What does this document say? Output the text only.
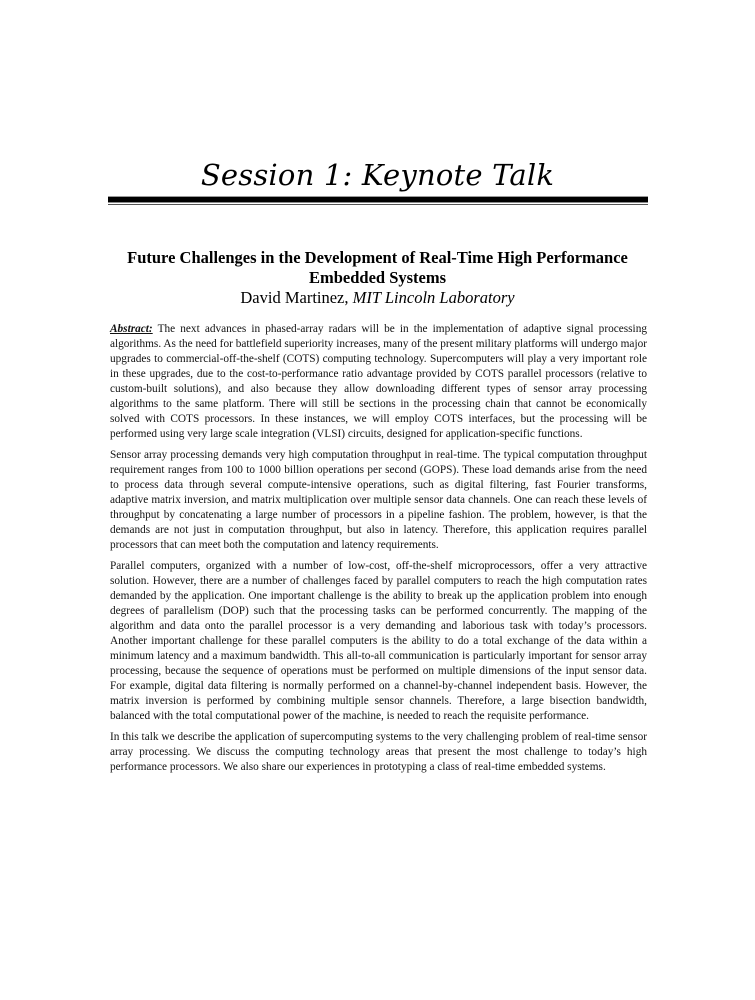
Session 1: Keynote Talk
Future Challenges in the Development of Real-Time High Performance Embedded Systems
David Martinez, MIT Lincoln Laboratory

Abstract: The next advances in phased-array radars will be in the implementation of adaptive signal processing algorithms. As the need for battlefield superiority increases, many of the present military platforms will undergo major upgrades to commercial-off-the-shelf (COTS) computing technology. Supercomputers will play a very important role in these upgrades, due to the cost-to-performance ratio advantage provided by COTS parallel processors (relative to custom-built solutions), and also because they allow downloading different types of sensor array processing algorithms to the same platform. There will still be sections in the processing chain that cannot be economically solved with COTS processors. In these instances, we will employ COTS interfaces, but the processing will be performed using very large scale integration (VLSI) circuits, designed for application-specific functions.

Sensor array processing demands very high computation throughput in real-time. The typical computation throughput requirement ranges from 100 to 1000 billion operations per second (GOPS). These load demands arise from the need to process data through several compute-intensive operations, such as digital filtering, fast Fourier transforms, adaptive matrix inversion, and matrix multiplication over multiple sensor data channels. One can reach these levels of throughput by concatenating a large number of processors in a pipeline fashion. The problem, however, is that the demands are not just in computation throughput, but also in latency. Therefore, this application requires parallel processors that can meet both the computation and latency requirements.

Parallel computers, organized with a number of low-cost, off-the-shelf microprocessors, offer a very attractive solution. However, there are a number of challenges faced by parallel computers to reach the high computation rates demanded by the application. One important challenge is the ability to break up the application problem into enough degrees of parallelism (DOP) such that the processing tasks can be performed concurrently. The mapping of the algorithm and data onto the parallel processor is a very demanding and laborious task with today’s processors. Another important challenge for these parallel computers is the ability to do a total exchange of the data within a minimum latency and a maximum bandwidth. This all-to-all communication is particularly important for sensor array processing, because the sequence of operations must be performed on multiple dimensions of the input sensor data. For example, digital data filtering is normally performed on a channel-by-channel independent basis. However, the matrix inversion is performed by combining multiple sensor channels. Therefore, a large bisection bandwidth, balanced with the total computational power of the machine, is needed to reach the requisite performance.

In this talk we describe the application of supercomputing systems to the very challenging problem of real-time sensor array processing. We discuss the computing technology areas that present the most challenge to today’s high performance processors. We also share our experiences in prototyping a class of real-time embedded systems.
